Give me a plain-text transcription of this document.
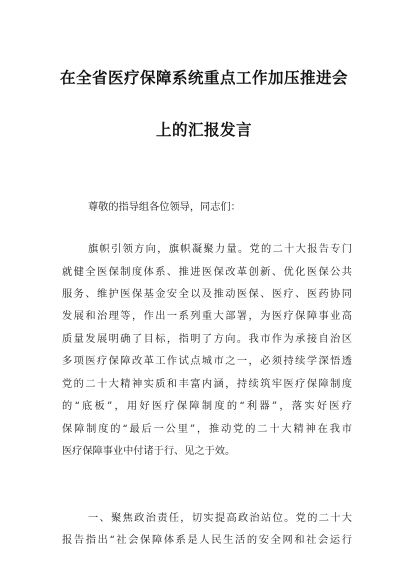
在全省医疗保障系统重点工作加压推进会
上的汇报发言
尊敬的指导组各位领导，同志们：
旗帜引领方向，旗帜凝聚力量。党的二十大报告专门
就健全医保制度体系、推进医保改革创新、优化医保公共
服务、维护医保基金安全以及推动医保、医疗、医药协同
发展和治理等，作出一系列重大部署，为医疗保障事业高
质量发展明确了目标，指明了方向。我市作为承接自治区
多项医疗保障改革工作试点城市之一，必须持续学深悟透
党的二十大精神实质和丰富内涵，持续筑牢医疗保障制度
的“底板”，用好医疗保障制度的“利器”，落实好医疗
保障制度的“最后一公里”，推动党的二十大精神在我市
医疗保障事业中付诸于行、见之于效。
一、聚焦政治责任，切实提高政治站位。党的二十大
报告指出“社会保障体系是人民生活的安全网和社会运行
